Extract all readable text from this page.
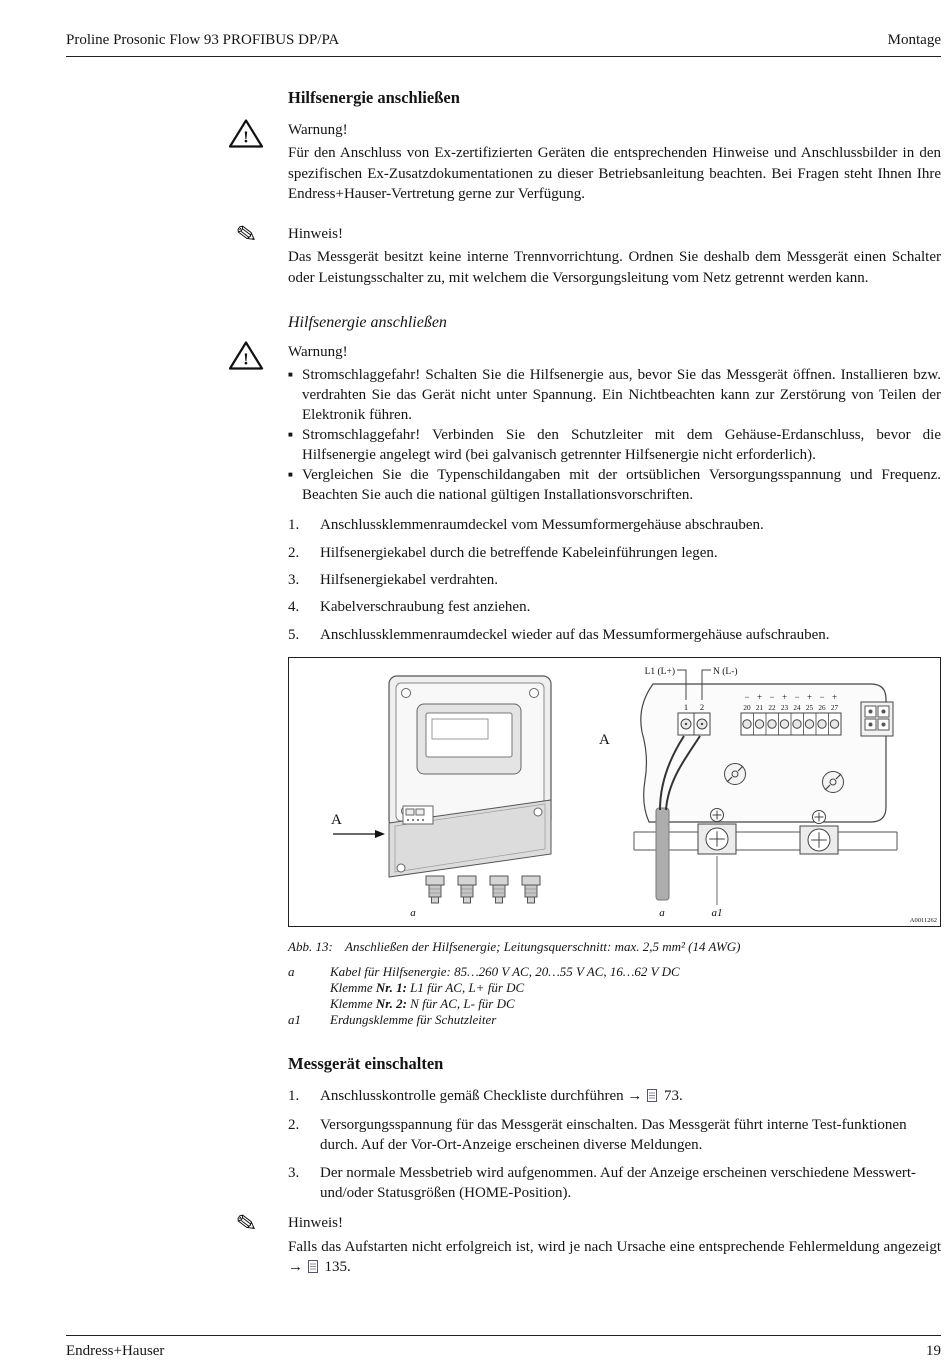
Proline Prosonic Flow 93 PROFIBUS DP/PA	Montage
Hilfsenergie anschließen
!	Warnung!

Für den Anschluss von Ex-zertifizierten Geräten die entsprechenden Hinweise und Anschlussbilder in den spezifischen Ex-Zusatzdokumentationen zu dieser Betriebsanleitung beachten. Bei Fragen steht Ihnen Ihre Endress+Hauser-Vertretung gerne zur Verfügung.

✎	Hinweis!

Das Messgerät besitzt keine interne Trennvorrichtung. Ordnen Sie deshalb dem Messgerät einen Schalter oder Leistungsschalter zu, mit welchem die Versorgungsleitung vom Netz getrennt werden kann.

Hilfsenergie anschließen
!	Warnung!

■ Stromschlaggefahr! Schalten Sie die Hilfsenergie aus, bevor Sie das Messgerät öffnen. Installieren bzw. verdrahten Sie das Gerät nicht unter Spannung. Ein Nichtbeachten kann zur Zerstörung von Teilen der Elektronik führen.
■ Stromschlaggefahr! Verbinden Sie den Schutzleiter mit dem Gehäuse-Erdanschluss, bevor die Hilfsenergie angelegt wird (bei galvanisch getrennter Hilfsenergie nicht erforderlich).
■ Vergleichen Sie die Typenschildangaben mit der ortsüblichen Versorgungsspannung und Frequenz. Beachten Sie auch die national gültigen Installationsvorschriften.
1.	Anschlussklemmenraumdeckel vom Messumformergehäuse abschrauben.
2.	Hilfsenergiekabel durch die betreffende Kabeleinführungen legen.
3.	Hilfsenergiekabel verdrahten.
4.	Kabelverschraubung fest anziehen.
5.	Anschlussklemmenraumdeckel wieder auf das Messumformergehäuse aufschrauben.
a
A
A
1 2
L1 (L+)	N (L-)
20 21 22 23 24 25 26 27
− + − + − + − +
a	a1
A0011262
Abb. 13: Anschließen der Hilfsenergie; Leitungsquerschnitt: max. 2,5 mm² (14 AWG)
a	Kabel für Hilfsenergie: 85…260 V AC, 20…55 V AC, 16…62 V DC
Klemme Nr. 1: L1 für AC, L+ für DC
Klemme Nr. 2: N für AC, L- für DC
a1	Erdungsklemme für Schutzleiter
Messgerät einschalten
1.	Anschlusskontrolle gemäß Checkliste durchführen →  73.
2.	Versorgungsspannung für das Messgerät einschalten. Das Messgerät führt interne Test-funktionen durch. Auf der Vor-Ort-Anzeige erscheinen diverse Meldungen.
3.	Der normale Messbetrieb wird aufgenommen. Auf der Anzeige erscheinen verschiedene Messwert- und/oder Statusgrößen (HOME-Position).
✎	Hinweis!

Falls das Aufstarten nicht erfolgreich ist, wird je nach Ursache eine entsprechende Fehlermeldung angezeigt →  135.

Endress+Hauser	19
